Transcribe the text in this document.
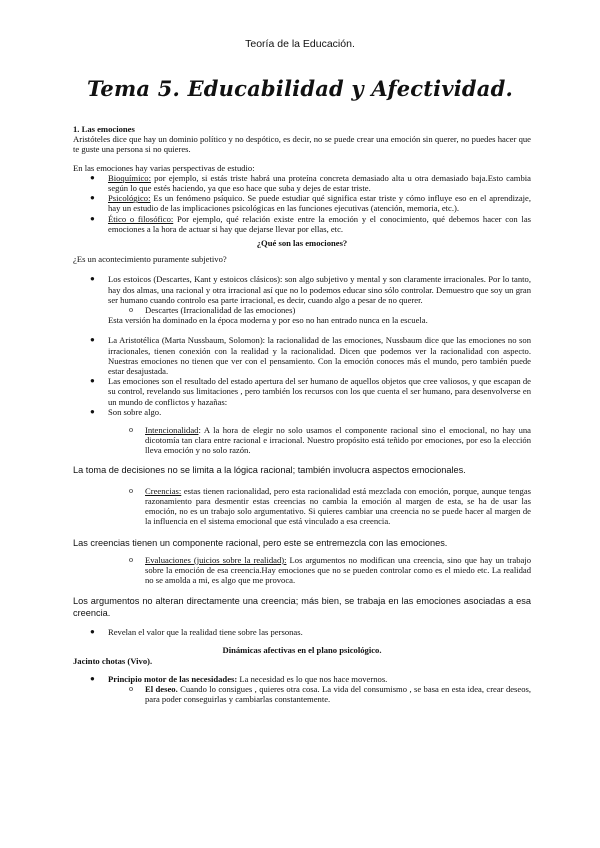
Teoría de la Educación.
Tema 5. Educabilidad y Afectividad.

1. Las emociones

Aristóteles dice que hay un dominio político y no despótico, es decir, no se puede crear una emoción sin querer, no puedes hacer que te guste una persona si no quieres.

En las emociones hay varias perspectivas de estudio:

● Bioquímico: por ejemplo, si estás triste habrá una proteína concreta demasiado alta u otra demasiado baja.Esto cambia según lo que estés haciendo, ya que eso hace que suba y dejes de estar triste.
● Psicológico: Es un fenómeno psíquico. Se puede estudiar qué significa estar triste y cómo influye eso en el aprendizaje, hay un estudio de las implicaciones psicológicas en las funciones ejecutivas (atención, memoria, etc.).
● Ético o filosófico: Por ejemplo, qué relación existe entre la emoción y el conocimiento, qué debemos hacer con las emociones a la hora de actuar si hay que dejarse llevar por ellas, etc.

¿Qué son las emociones?

¿Es un acontecimiento puramente subjetivo?

● Los estoicos (Descartes, Kant y estoicos clásicos): son algo subjetivo y mental y son claramente irracionales. Por lo tanto, hay dos almas, una racional y otra irracional así que no lo podemos educar sino sólo controlar. Demuestro que soy un gran ser humano cuando controlo esa parte irracional, es decir, cuando algo a pesar de no querer.
o Descartes (Irracionalidad de las emociones)

Esta versión ha dominado en la época moderna y por eso no han entrado nunca en la escuela.

● La Aristotélica (Marta Nussbaum, Solomon): la racionalidad de las emociones, Nussbaum dice que las emociones no son irracionales, tienen conexión con la realidad y la racionalidad. Dicen que podemos ver la racionalidad con aspecto. Nuestras emociones no tienen que ver con el pensamiento. Con la emoción conoces más el mundo, pero también puede estar desajustada.
● Las emociones son el resultado del estado apertura del ser humano de aquellos objetos que cree valiosos, y que escapan de su control, revelando sus limitaciones , pero también los recursos con los que cuenta el ser humano, para desenvolverse en un mundo de conflictos y hazañas:
● Son sobre algo.
o Intencionalidad: A la hora de elegir no solo usamos el componente racional sino el emocional, no hay una dicotomía tan clara entre racional e irracional. Nuestro propósito está teñido por emociones, por eso la elección lleva emoción y no solo razón.

La toma de decisiones no se limita a la lógica racional; también involucra aspectos emocionales.

o Creencias: estas tienen racionalidad, pero esta racionalidad está mezclada con emoción, porque, aunque tengas razonamiento para desmentir estas creencias no cambia la emoción al margen de esta, se ha de usar las emoción, no es un trabajo solo argumentativo. Si quieres cambiar una creencia no se puede hacer al margen de la influencia en el sistema emocional que está vinculado a esa creencia.

Las creencias tienen un componente racional, pero este se entremezcla con las emociones.

o Evaluaciones (juicios sobre la realidad): Los argumentos no modifican una creencia, sino que hay un trabajo sobre la emoción de esa creencia.Hay emociones que no se pueden controlar como es el miedo etc. La realidad no se amolda a mi, es algo que me provoca.

Los argumentos no alteran directamente una creencia; más bien, se trabaja en las emociones asociadas a esa creencia.

● Revelan el valor que la realidad tiene sobre las personas.

Dinámicas afectivas en el plano psicológico.

Jacinto chotas (Vivo).

● Principio motor de las necesidades: La necesidad es lo que nos hace movernos.
o El deseo. Cuando lo consigues , quieres otra cosa. La vida del consumismo , se basa en esta idea, crear deseos, para poder conseguirlas y cambiarlas constantemente.
